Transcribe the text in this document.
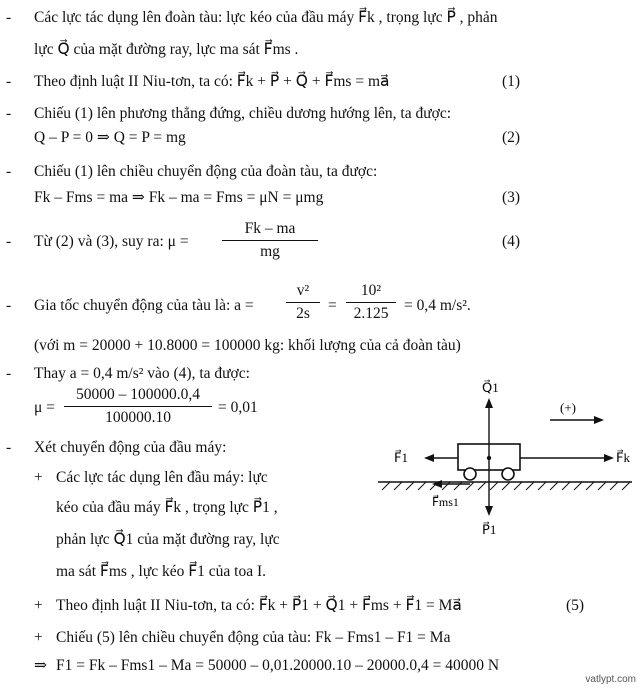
- Các lực tác dụng lên đoàn tàu: lực kéo của đầu máy F⃗k , trọng lực P⃗ , phản
lực Q⃗ của mặt đường ray, lực ma sát F⃗ms .
- Theo định luật II Niu-tơn, ta có: F⃗k + P⃗ + Q⃗ + F⃗ms = ma⃗	(1)
- Chiếu (1) lên phương thẳng đứng, chiều dương hướng lên, ta được:
Q – P = 0 ⇒ Q = P = mg	(2)
- Chiếu (1) lên chiều chuyển động của đoàn tàu, ta được:
Fk – Fms = ma ⇒ Fk – ma = Fms = μN = μmg	(3)
- Từ (2) và (3), suy ra: μ =
Fk – ma
mg
(4)
- Gia tốc chuyển động của tàu là: a =
v²
2s	=
10²
2.125	= 0,4 m/s².
(với m = 20000 + 10.8000 = 100000 kg: khối lượng của cả đoàn tàu)
- Thay a = 0,4 m/s² vào (4), ta được:
μ =
50000 – 100000.0,4
100000.10
= 0,01
- Xét chuyển động của đầu máy:
+ Các lực tác dụng lên đầu máy: lực
kéo của đầu máy F⃗k , trọng lực P⃗1 ,
phản lực Q⃗1 của mặt đường ray, lực
ma sát F⃗ms , lực kéo F⃗1 của toa I.
Q⃗1
(+)
F⃗1	F⃗k
F⃗ms1
P⃗1
+ Theo định luật II Niu-tơn, ta có: F⃗k + P⃗1 + Q⃗1 + F⃗ms + F⃗1 = Ma⃗	(5)
+ Chiếu (5) lên chiều chuyển động của tàu: Fk – Fms1 – F1 = Ma
⇒ F1 = Fk – Fms1 – Ma = 50000 – 0,01.20000.10 – 20000.0,4 = 40000 N
vatlypt.com
